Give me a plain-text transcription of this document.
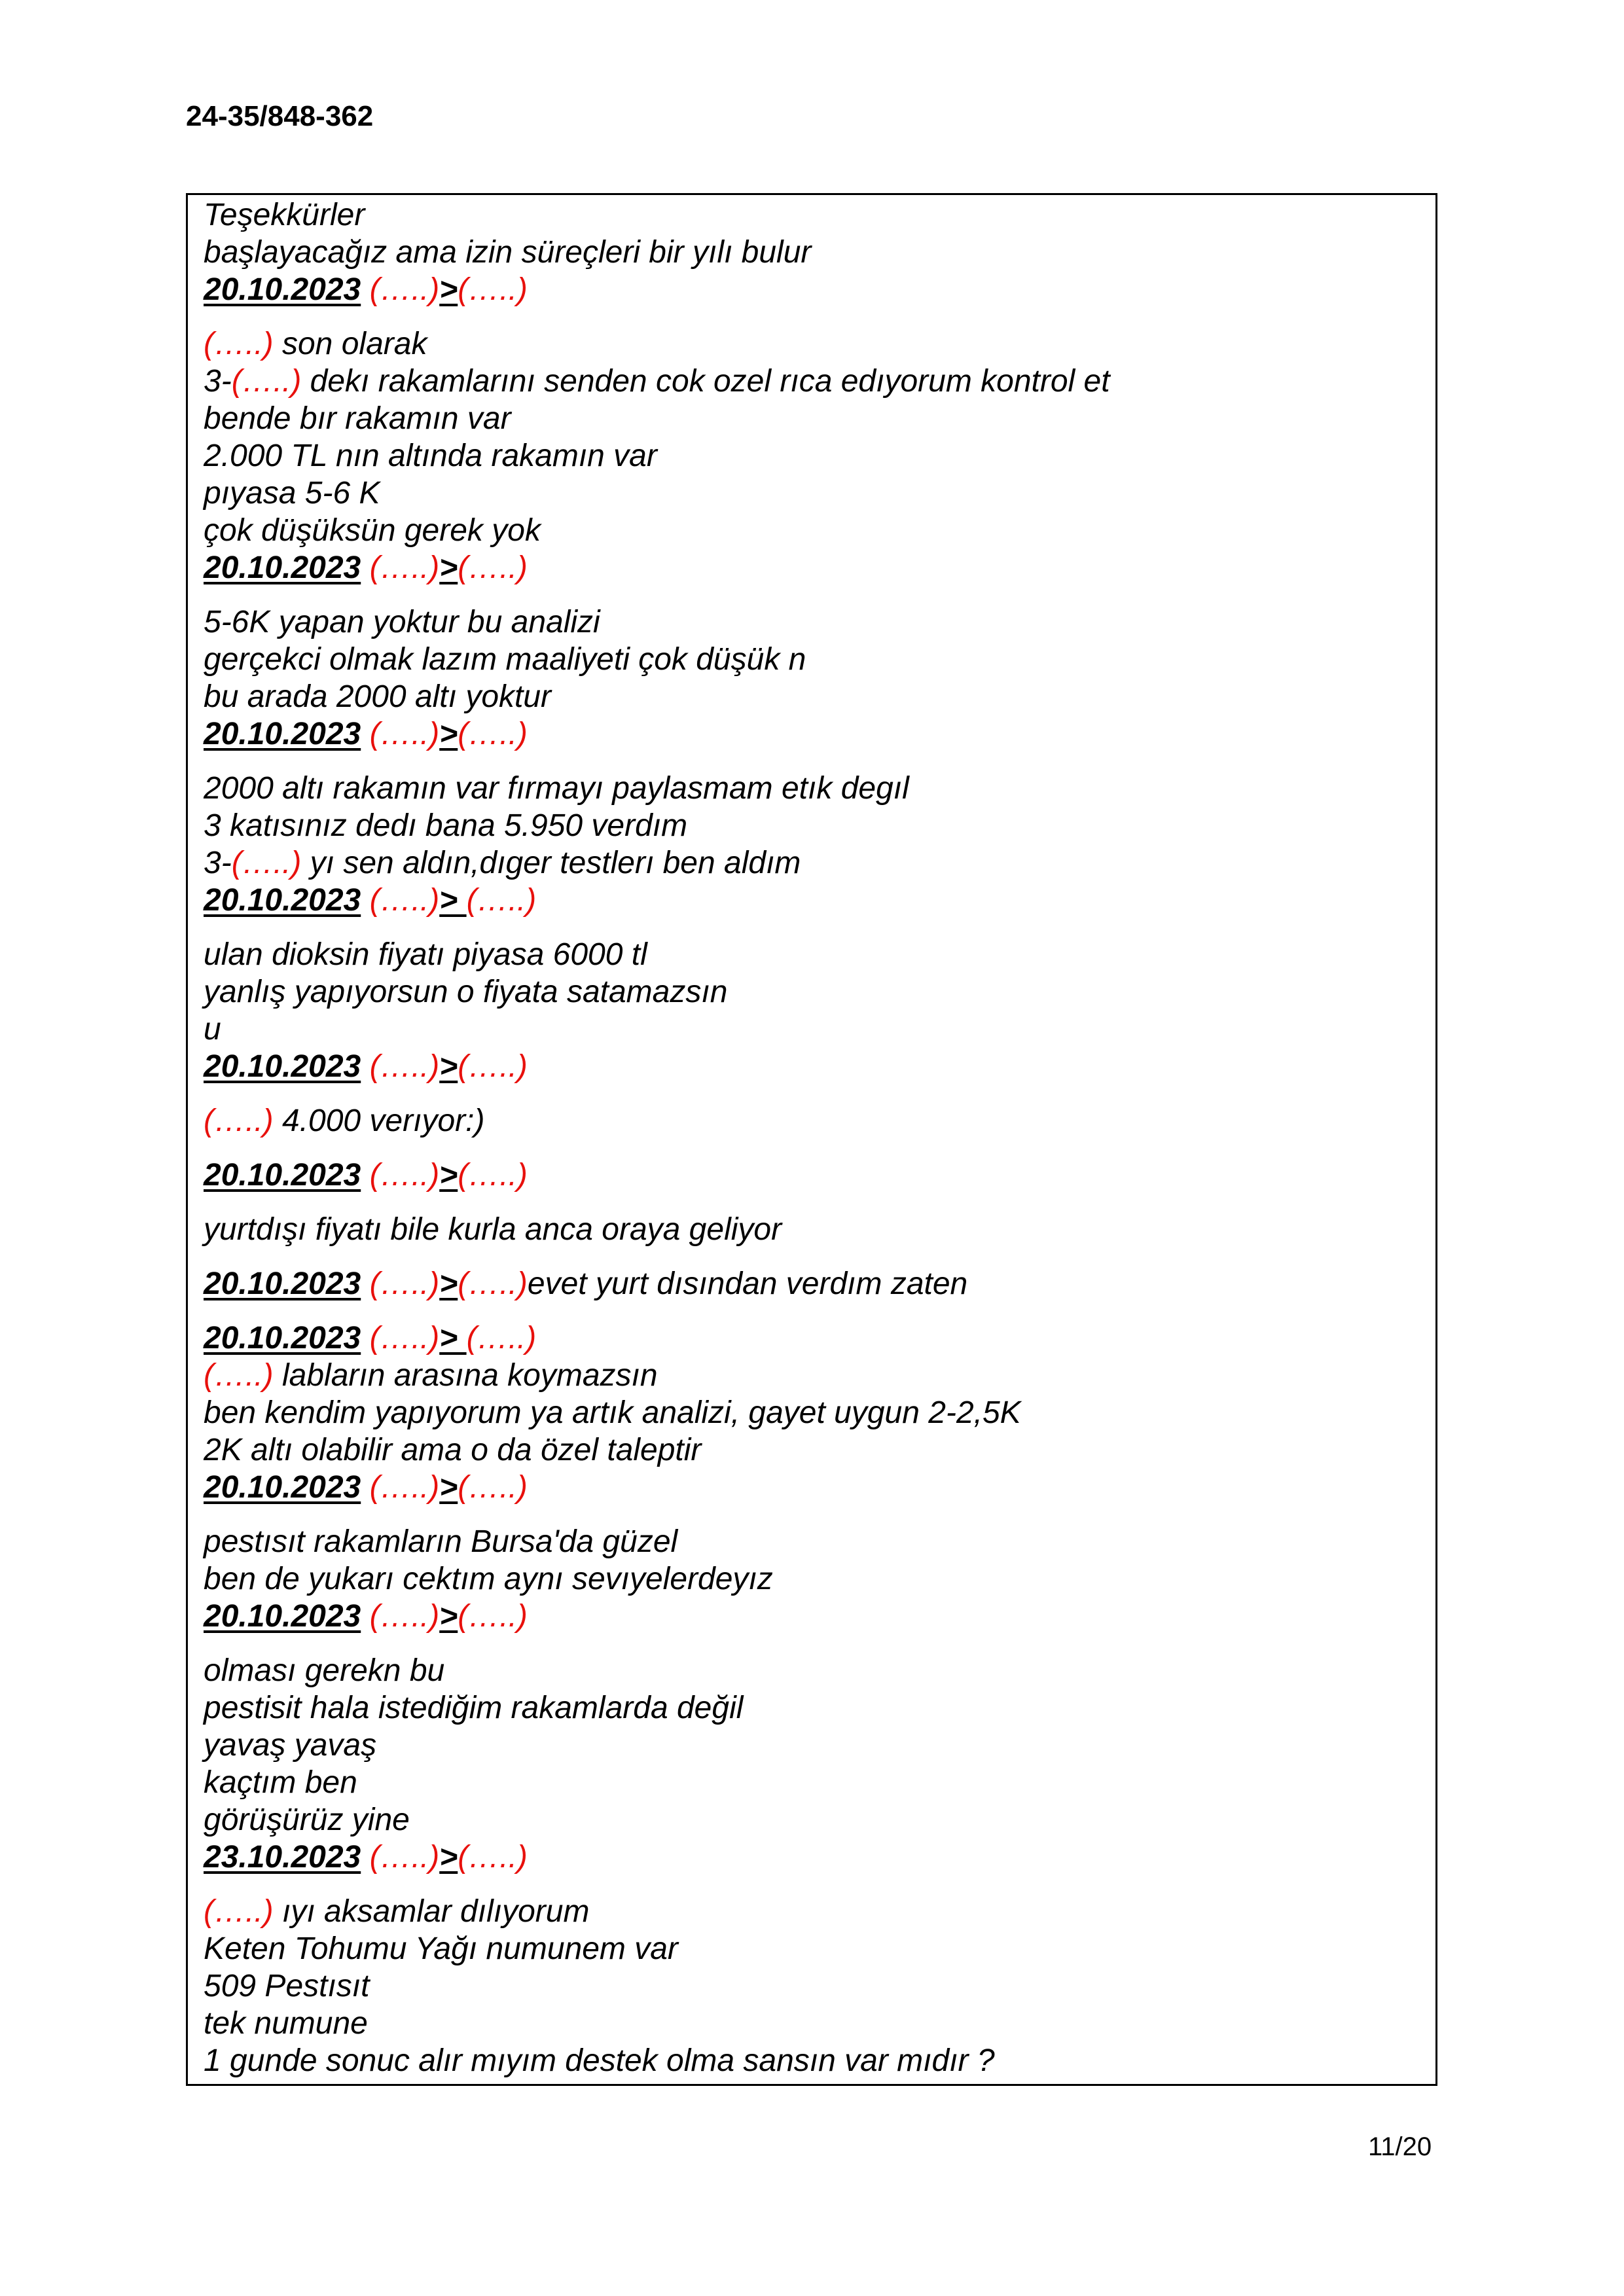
24-35/848-362
Teşekkürler
başlayacağız ama izin süreçleri bir yılı bulur
20.10.2023 (…..)>(…..)
(…..) son olarak
3-(…..) dekı rakamlarını senden cok ozel rıca edıyorum kontrol et
bende bır rakamın var
2.000 TL nın altında rakamın var
pıyasa 5-6 K
çok düşüksün gerek yok
20.10.2023 (…..)>(…..)
5-6K yapan yoktur bu analizi
gerçekci olmak lazım maaliyeti çok düşük n
bu arada 2000 altı yoktur
20.10.2023 (…..)>(…..)
2000 altı rakamın var fırmayı paylasmam etık degıl
3 katısınız dedı bana 5.950 verdım
3-(…..) yı sen aldın,dıger testlerı ben aldım
20.10.2023 (…..)> (…..)
ulan dioksin fiyatı piyasa 6000 tl
yanlış yapıyorsun o fiyata satamazsın
u
20.10.2023 (…..)>(…..)
(…..) 4.000 verıyor:)
20.10.2023 (…..)>(…..)
yurtdışı fiyatı bile kurla anca oraya geliyor
20.10.2023 (…..)>(…..)evet yurt dısından verdım zaten
20.10.2023 (…..)> (…..)
(…..) labların arasına koymazsın
ben kendim yapıyorum ya artık analizi, gayet uygun 2-2,5K
2K altı olabilir ama o da özel taleptir
20.10.2023 (…..)>(…..)
pestısıt rakamların Bursa'da güzel
ben de yukarı cektım aynı sevıyelerdeyız
20.10.2023 (…..)>(…..)
olması gerekn bu
pestisit hala istediğim rakamlarda değil
yavaş yavaş
kaçtım ben
görüşürüz yine
23.10.2023 (…..)>(…..)
(…..) ıyı aksamlar dılıyorum
Keten Tohumu Yağı numunem var
509 Pestısıt
tek numune
1 gunde sonuc alır mıyım destek olma sansın var mıdır ?
11/20
